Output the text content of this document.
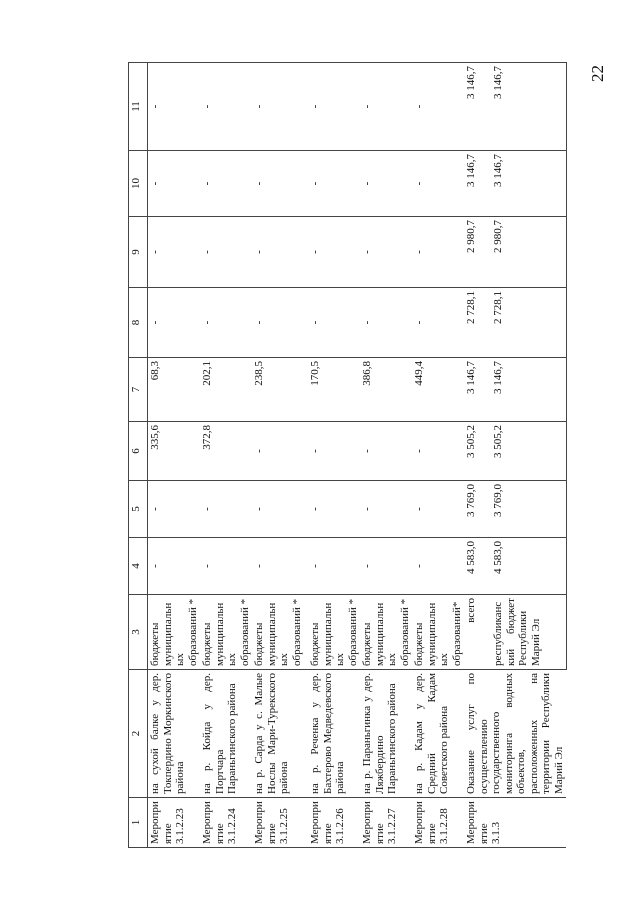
22
1	2	3	4	5	6	7	8	9	10	11
Мероприятие 3.1.2.23	на сухой балке у дер. Токпердино Моркинского района	бюджеты муниципальных образований *	-	-	335,6	68,3	-	-	-	-
Мероприятие 3.1.2.24	на р. Койда у дер. Портчара Параньгинского района	бюджеты муниципальных образований *	-	-	372,8	202,1	-	-	-	-
Мероприятие 3.1.2.25	на р. Сарда у с. Малые Нослы Мари-Турекского района	бюджеты муниципальных образований *	-	-	-	238,5	-	-	-	-
Мероприятие 3.1.2.26	на р. Реченка у дер. Бахтерово Медведевского района	бюджеты муниципальных образований *	-	-	-	170,5	-	-	-	-
Мероприятие 3.1.2.27	на р. Параньгинка у дер. Ляжбердино Параньгинского района	бюджеты муниципальных образований *	-	-	-	386,8	-	-	-	-
Мероприятие 3.1.2.28	на р. Кадам у дер. Средний Кадам Советского района	бюджеты муниципальных образований*	-	-	-	449,4	-	-	-	-
Мероприятие 3.1.3	Оказание услуг по осуществлению государственного мониторинга водных объектов, расположенных на территории Республики Марий Эл	всего	4 583,0	3 769,0	3 505,2	3 146,7	2 728,1	2 980,7	3 146,7	3 146,7
		республиканский бюджет Республики Марий Эл	4 583,0	3 769,0	3 505,2	3 146,7	2 728,1	2 980,7	3 146,7	3 146,7
